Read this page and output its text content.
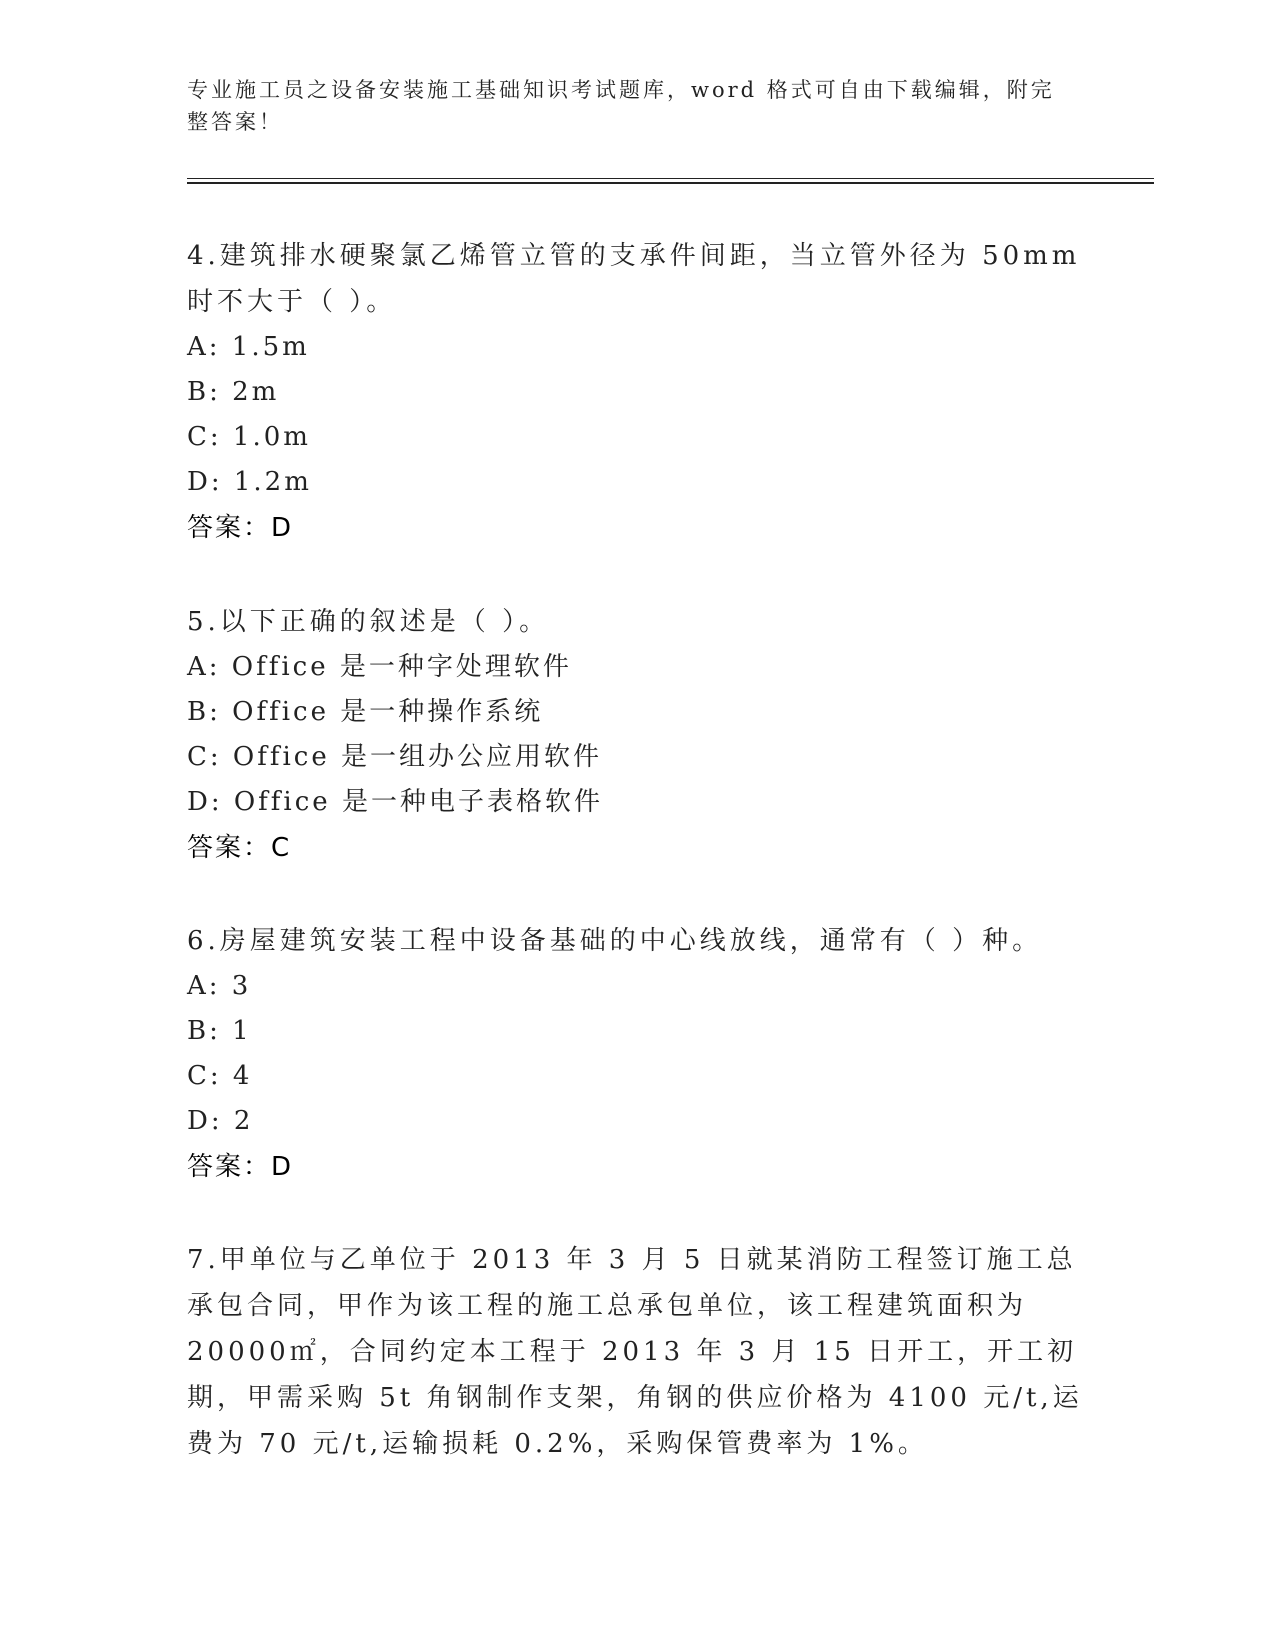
专业施工员之设备安装施工基础知识考试题库，word 格式可自由下载编辑，附完整答案！

4.建筑排水硬聚氯乙烯管立管的支承件间距，当立管外径为 50mm 时不大于（ ）。

A: 1.5m

B: 2m

C: 1.0m

D: 1.2m

答案：D

5.以下正确的叙述是（ ）。

A: Office 是一种字处理软件

B: Office 是一种操作系统

C: Office 是一组办公应用软件

D: Office 是一种电子表格软件

答案：C

6.房屋建筑安装工程中设备基础的中心线放线，通常有（ ）种。

A: 3

B: 1

C: 4

D: 2

答案：D

7.甲单位与乙单位于 2013 年 3 月 5 日就某消防工程签订施工总承包合同，甲作为该工程的施工总承包单位，该工程建筑面积为 20000㎡，合同约定本工程于 2013 年 3 月 15 日开工，开工初期，甲需采购 5t 角钢制作支架，角钢的供应价格为 4100 元/t,运费为 70 元/t,运输损耗 0.2%，采购保管费率为 1%。
